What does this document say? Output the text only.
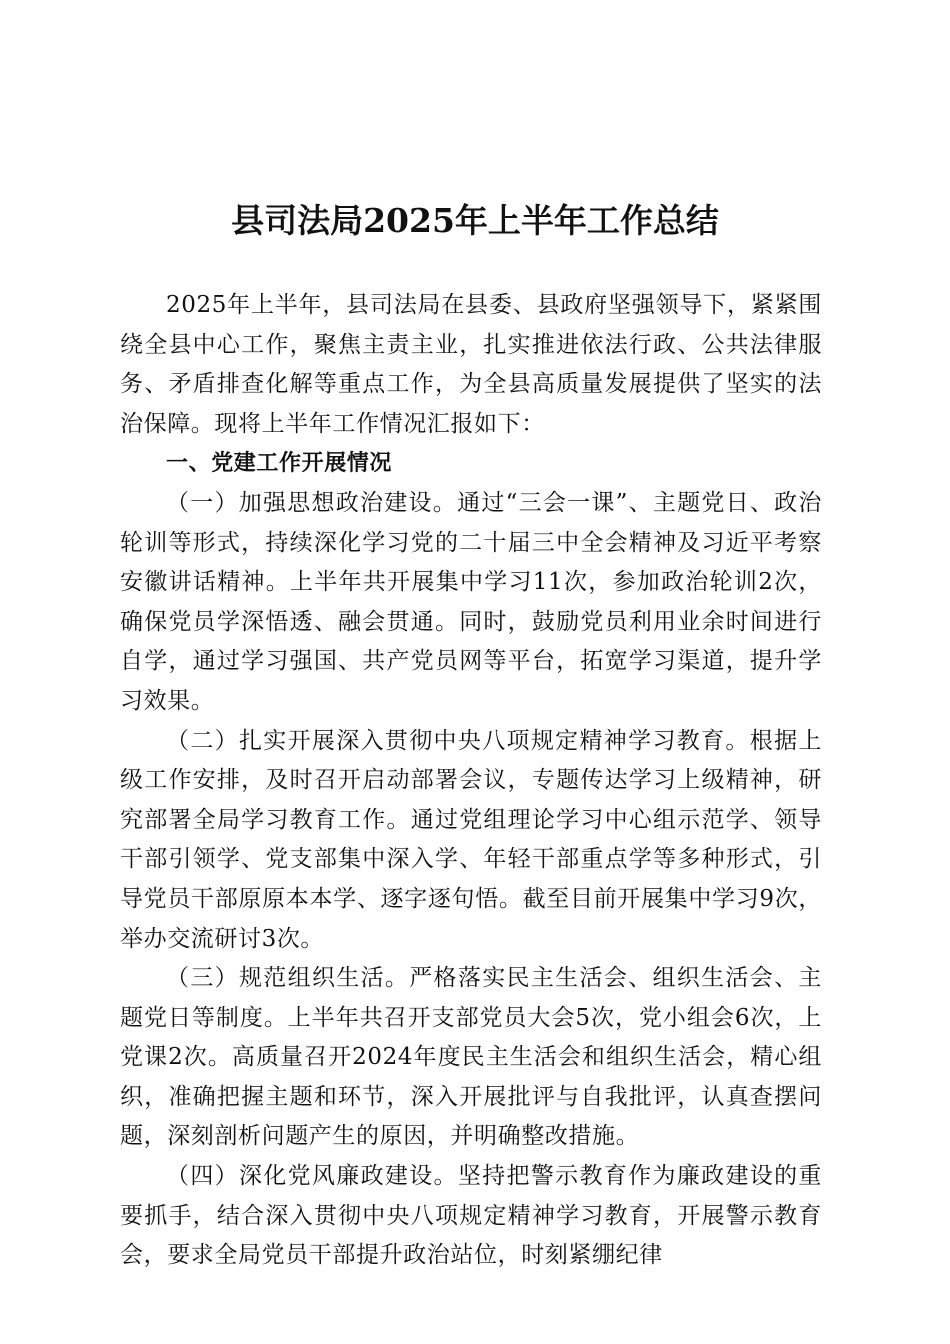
县司法局2025年上半年工作总结

2025年上半年，县司法局在县委、县政府坚强领导下，紧紧围绕全县中心工作，聚焦主责主业，扎实推进依法行政、公共法律服务、矛盾排查化解等重点工作，为全县高质量发展提供了坚实的法治保障。现将上半年工作情况汇报如下：

一、党建工作开展情况

（一）加强思想政治建设。通过“三会一课”、主题党日、政治轮训等形式，持续深化学习党的二十届三中全会精神及习近平考察安徽讲话精神。上半年共开展集中学习11次，参加政治轮训2次，确保党员学深悟透、融会贯通。同时，鼓励党员利用业余时间进行自学，通过学习强国、共产党员网等平台，拓宽学习渠道，提升学习效果。

（二）扎实开展深入贯彻中央八项规定精神学习教育。根据上级工作安排，及时召开启动部署会议，专题传达学习上级精神，研究部署全局学习教育工作。通过党组理论学习中心组示范学、领导干部引领学、党支部集中深入学、年轻干部重点学等多种形式，引导党员干部原原本本学、逐字逐句悟。截至目前开展集中学习9次，举办交流研讨3次。

（三）规范组织生活。严格落实民主生活会、组织生活会、主题党日等制度。上半年共召开支部党员大会5次，党小组会6次，上党课2次。高质量召开2024年度民主生活会和组织生活会，精心组织，准确把握主题和环节，深入开展批评与自我批评，认真查摆问题，深刻剖析问题产生的原因，并明确整改措施。

（四）深化党风廉政建设。坚持把警示教育作为廉政建设的重要抓手，结合深入贯彻中央八项规定精神学习教育，开展警示教育会，要求全局党员干部提升政治站位，时刻紧绷纪律
